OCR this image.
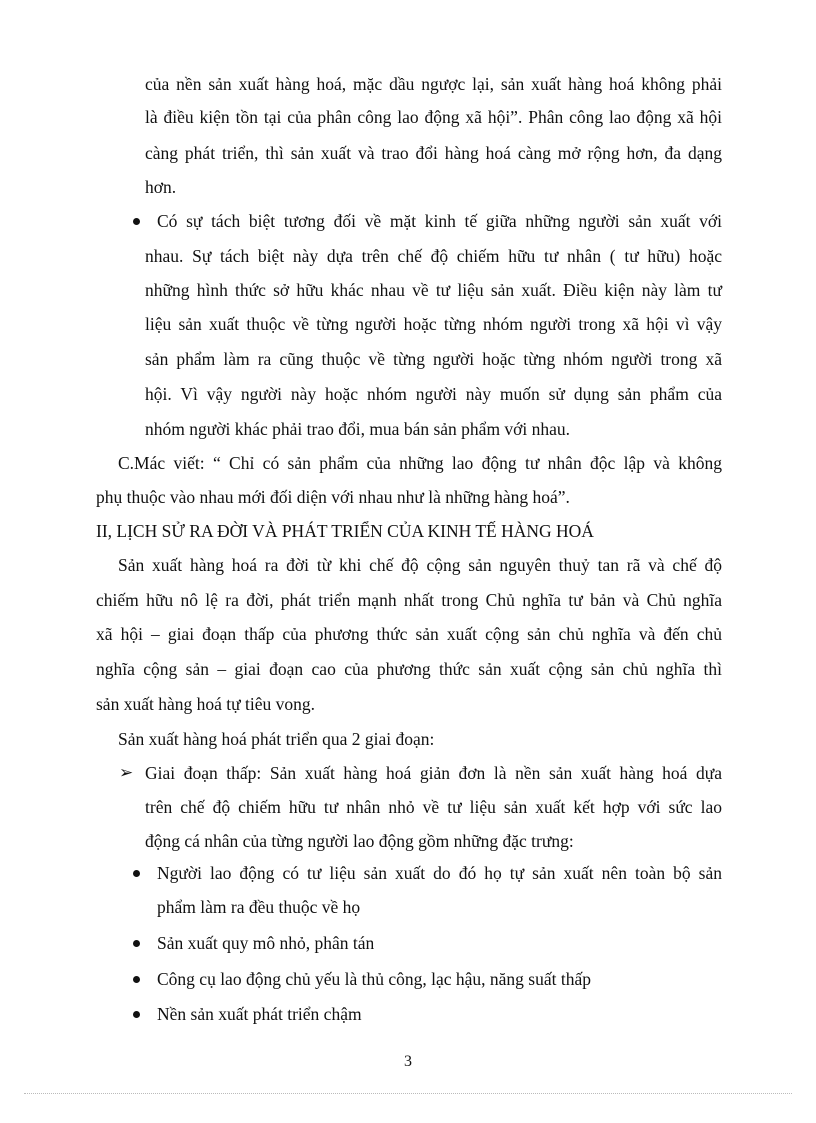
của nền sản xuất hàng hoá, mặc dầu ngược lại, sản xuất hàng hoá không phải
là điều kiện tồn tại của phân công lao động xã hội”. Phân công lao động xã hội
càng phát triển, thì sản xuất và trao đổi hàng hoá càng mở rộng hơn, đa dạng
hơn.
Có sự tách biệt tương đối về mặt kinh tế giữa những người sản xuất với
nhau. Sự tách biệt này dựa trên chế độ chiếm hữu tư nhân ( tư hữu) hoặc
những hình thức sở hữu khác nhau về tư liệu sản xuất. Điều kiện này làm tư
liệu sản xuất thuộc về từng người hoặc từng nhóm người trong xã hội vì vậy
sản phẩm làm ra cũng thuộc về từng người hoặc từng nhóm người trong xã
hội. Vì vậy người này hoặc nhóm người này muốn sử dụng sản phẩm của
nhóm người khác phải trao đổi, mua bán sản phẩm với nhau.
C.Mác viết: “ Chỉ có sản phẩm của những lao động tư nhân độc lập và không
phụ thuộc vào nhau mới đối diện với nhau như là những hàng hoá”.
II, LỊCH SỬ RA ĐỜI VÀ PHÁT TRIỂN CỦA KINH TẾ HÀNG HOÁ
Sản xuất hàng hoá ra đời từ khi chế độ cộng sản nguyên thuỷ tan rã và chế độ
chiếm hữu nô lệ ra đời, phát triển mạnh nhất trong Chủ nghĩa tư bản và Chủ nghĩa
xã hội – giai đoạn thấp của phương thức sản xuất cộng sản chủ nghĩa và đến chủ
nghĩa cộng sản – giai đoạn cao của phương thức sản xuất cộng sản chủ nghĩa thì
sản xuất hàng hoá tự tiêu vong.
Sản xuất hàng hoá phát triển qua 2 giai đoạn:
➢ Giai đoạn thấp: Sản xuất hàng hoá giản đơn là nền sản xuất hàng hoá dựa
trên chế độ chiếm hữu tư nhân nhỏ về tư liệu sản xuất kết hợp với sức lao
động cá nhân của từng người lao động gồm những đặc trưng:
Người lao động có tư liệu sản xuất do đó họ tự sản xuất nên toàn bộ sản
phẩm làm ra đều thuộc về họ
Sản xuất quy mô nhỏ, phân tán
Công cụ lao động chủ yếu là thủ công, lạc hậu, năng suất thấp
Nền sản xuất phát triển chậm
3
